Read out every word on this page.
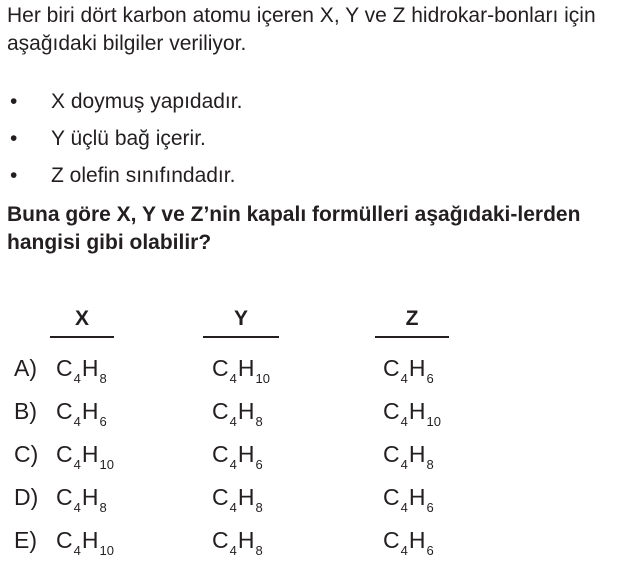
Her biri dört karbon atomu içeren X, Y ve Z hidrokar-bonları için aşağıdaki bilgiler veriliyor.

• X doymuş yapıdadır.
• Y üçlü bağ içerir.
• Z olefin sınıfındadır.

Buna göre X, Y ve Z’nin kapalı formülleri aşağıdaki-lerden hangisi gibi olabilir?

X	Y	Z
A) $C_4H_8$	$C_4H_{10}$	$C_4H_6$
B) $C_4H_6$	$C_4H_8$	$C_4H_{10}$
C) $C_4H_{10}$	$C_4H_6$	$C_4H_8$
D) $C_4H_8$	$C_4H_8$	$C_4H_6$
E) $C_4H_{10}$	$C_4H_8$	$C_4H_6$
